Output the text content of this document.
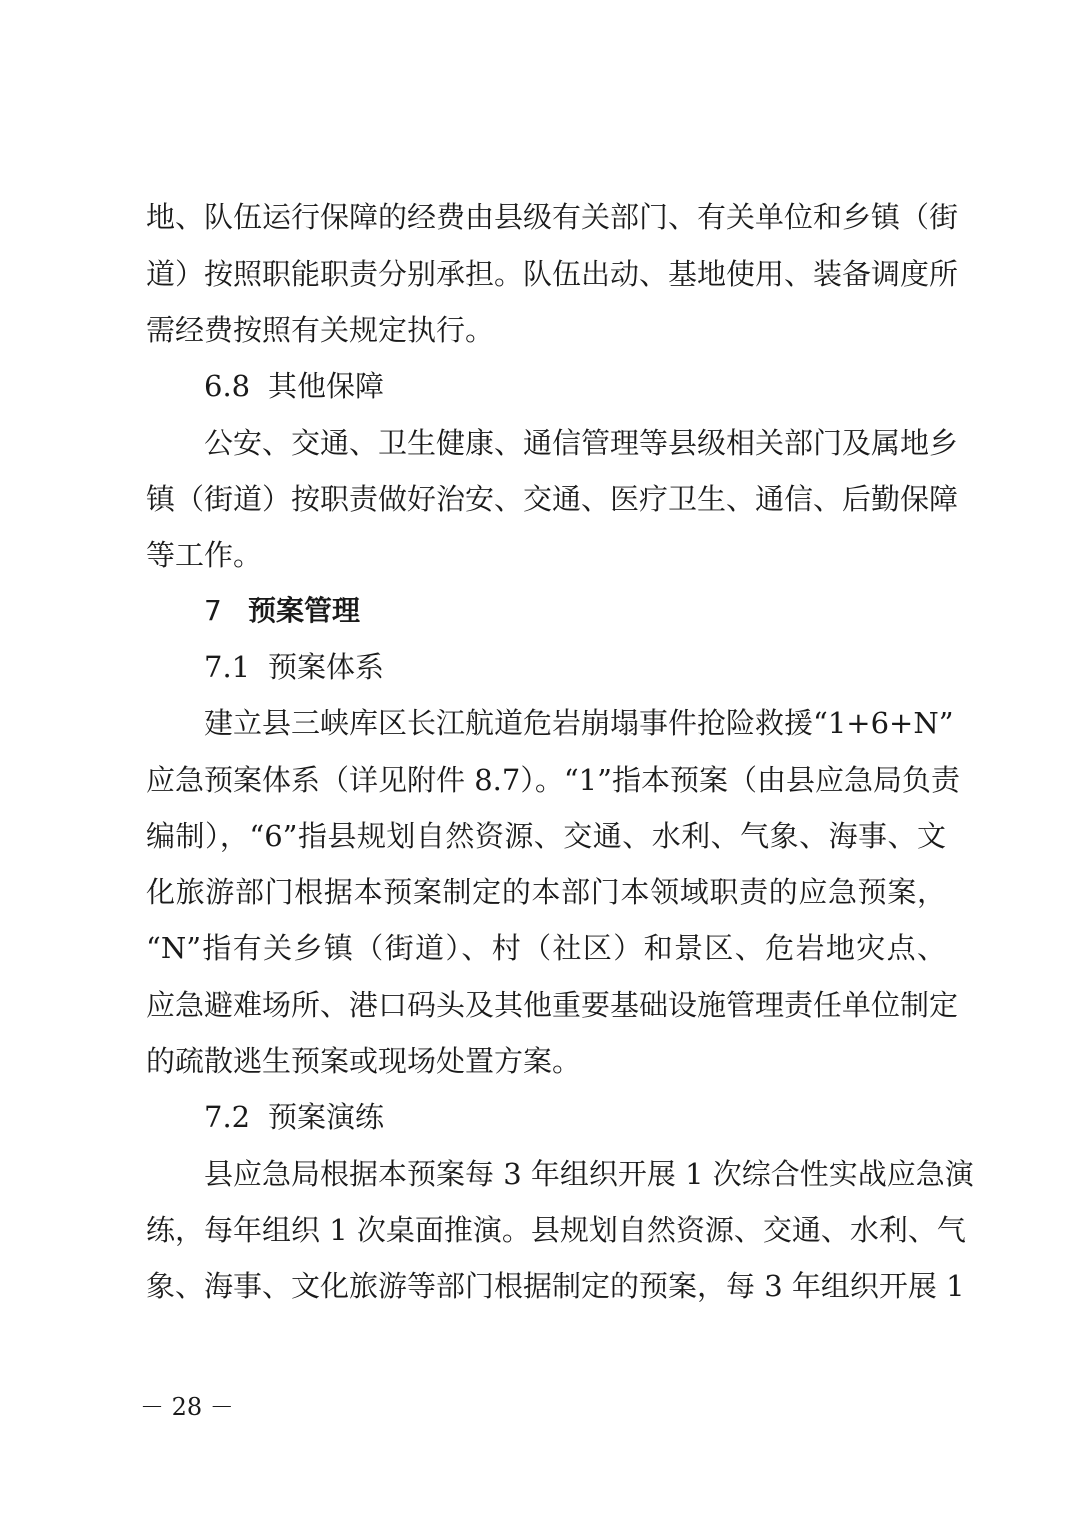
地、队伍运行保障的经费由县级有关部门、有关单位和乡镇（街
道）按照职能职责分别承担。队伍出动、基地使用、装备调度所
需经费按照有关规定执行。
6.8 其他保障
公安、交通、卫生健康、通信管理等县级相关部门及属地乡
镇（街道）按职责做好治安、交通、医疗卫生、通信、后勤保障
等工作。
7 预案管理
7.1 预案体系
建立县三峡库区长江航道危岩崩塌事件抢险救援“1+6+N”
应急预案体系（详见附件 8.7）。“1”指本预案（由县应急局负责
编制），“6”指县规划自然资源、交通、水利、气象、海事、文
化旅游部门根据本预案制定的本部门本领域职责的应急预案，
“N”指有关乡镇（街道）、村（社区）和景区、危岩地灾点、
应急避难场所、港口码头及其他重要基础设施管理责任单位制定
的疏散逃生预案或现场处置方案。
7.2 预案演练
县应急局根据本预案每 3 年组织开展 1 次综合性实战应急演
练，每年组织 1 次桌面推演。县规划自然资源、交通、水利、气
象、海事、文化旅游等部门根据制定的预案，每 3 年组织开展 1
－ 28 －
